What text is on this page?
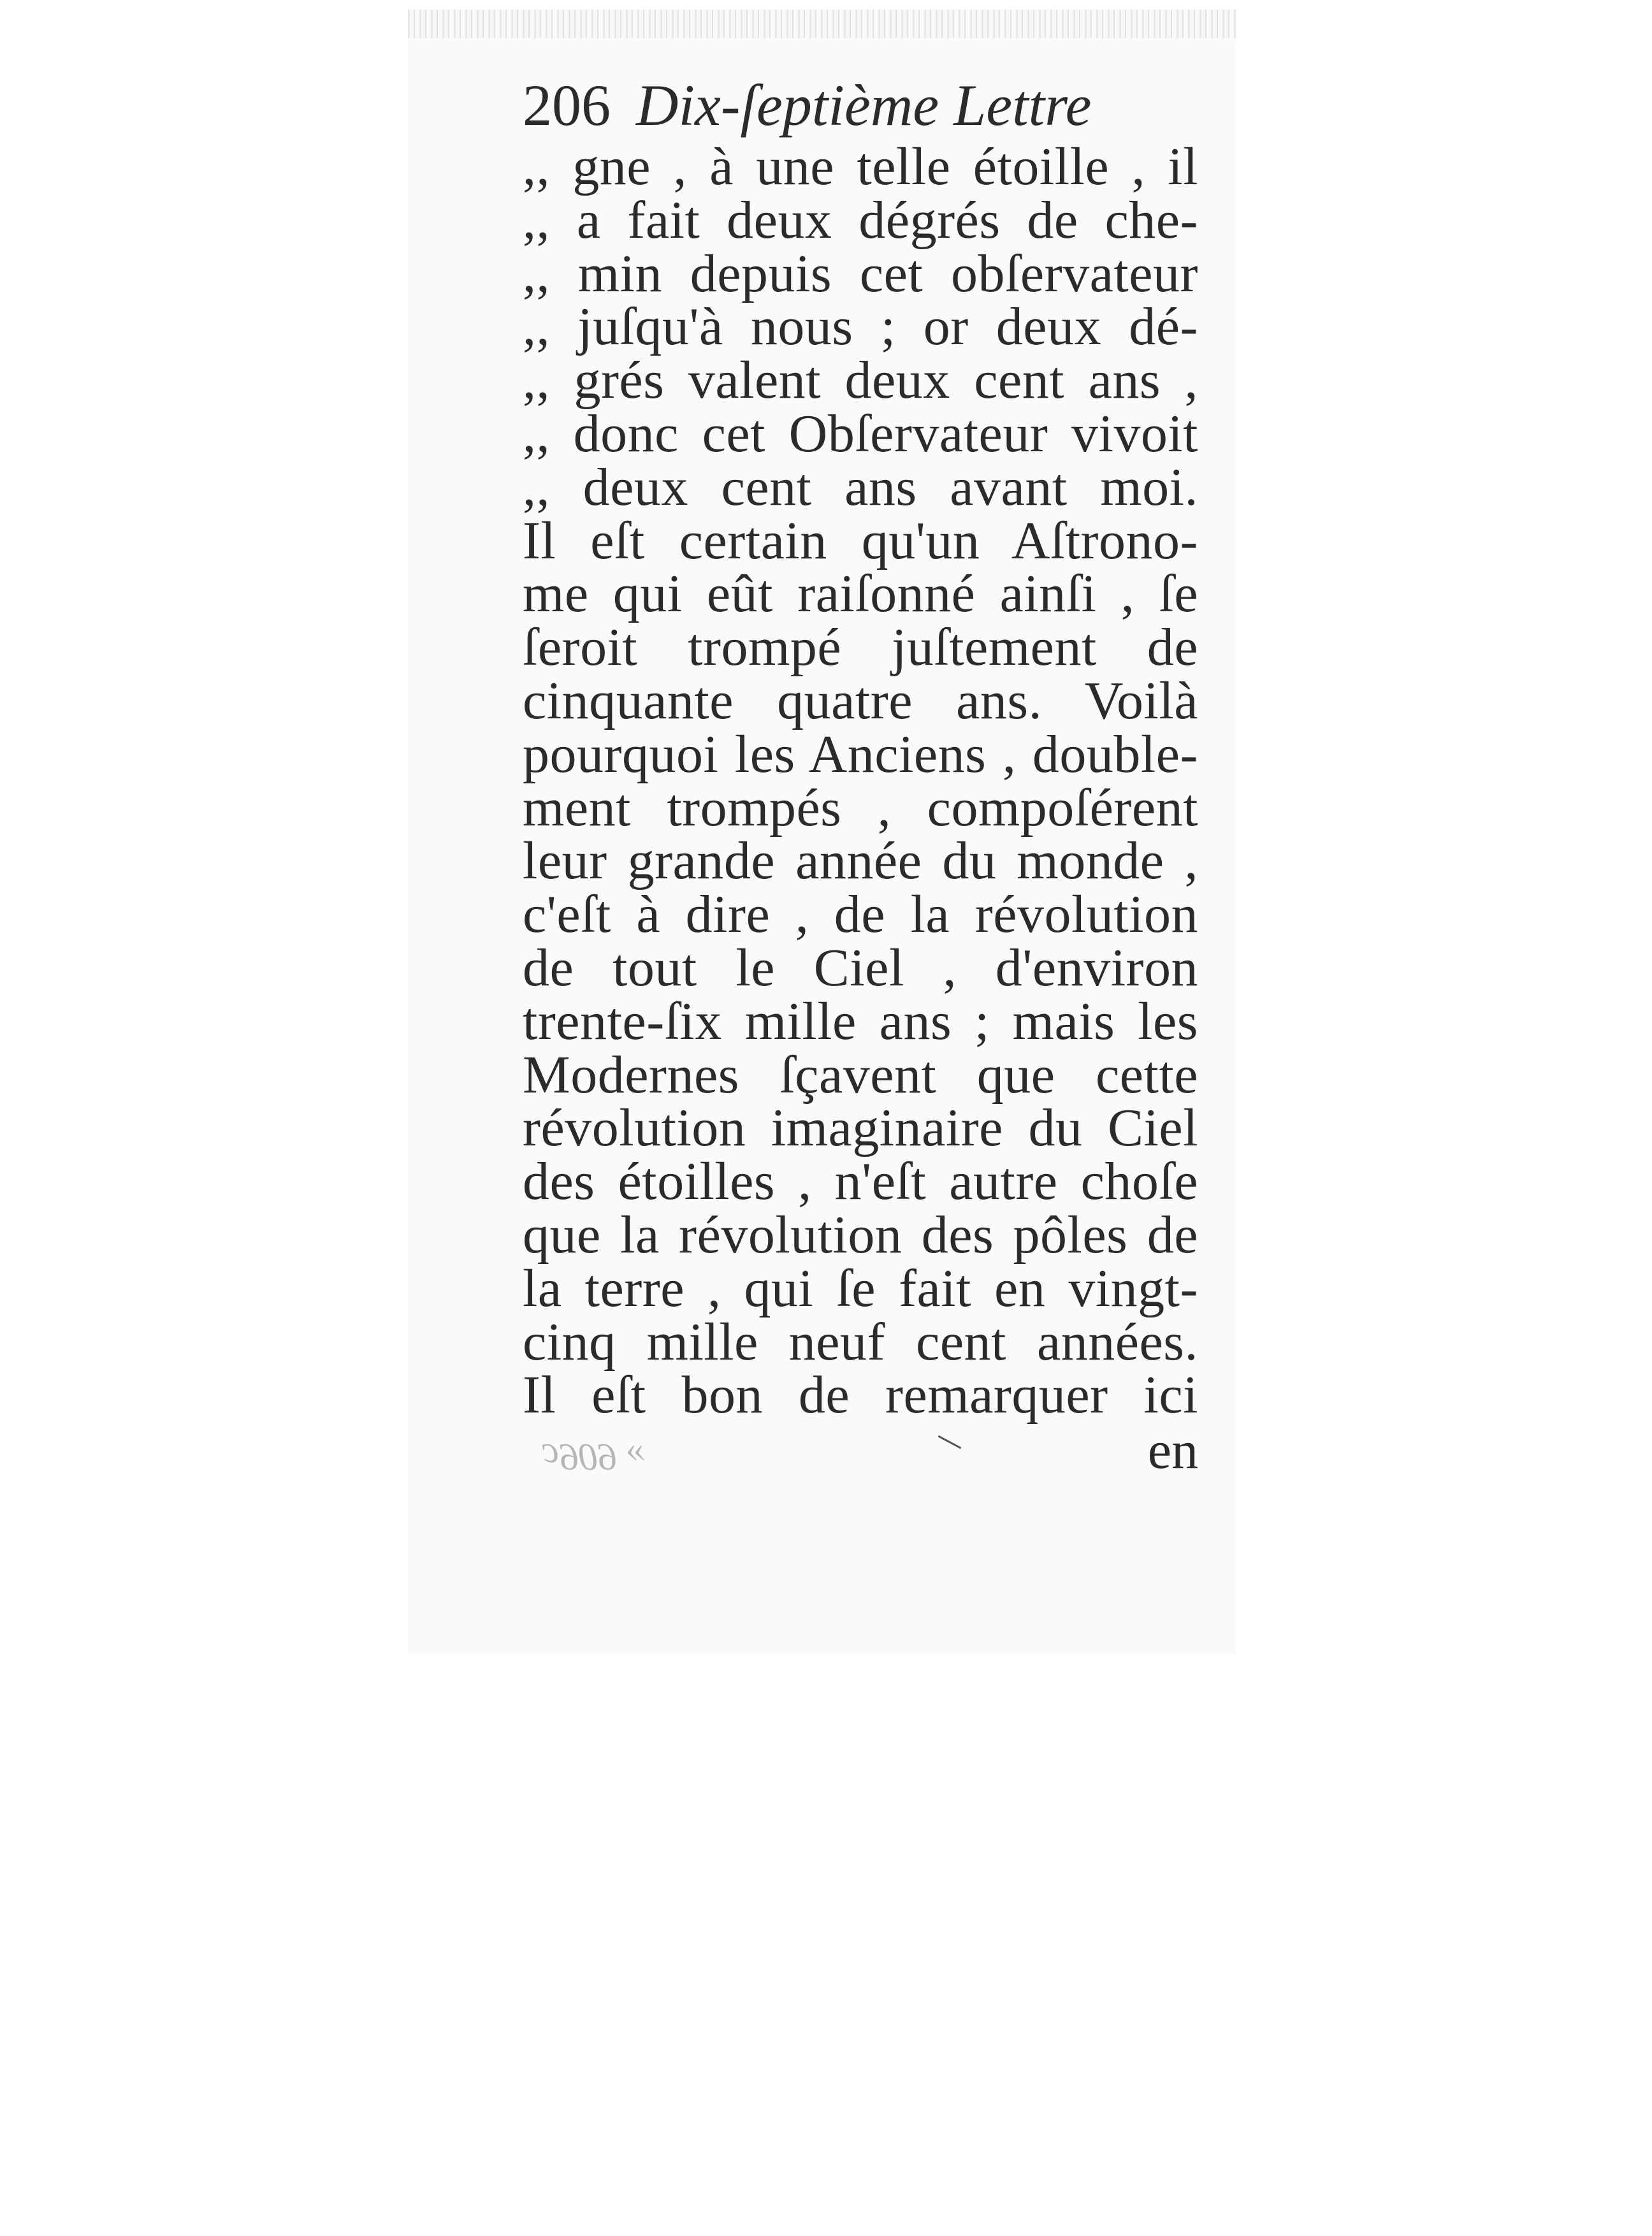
206 Dix-ſeptième Lettre
,, gne , à une telle étoille , il
,, a fait deux dégrés de che-
,, min depuis cet obſervateur
,, juſqu'à nous ; or deux dé-
,, grés valent deux cent ans ,
,, donc cet Obſervateur vivoit
,, deux cent ans avant moi.
Il eſt certain qu'un Aſtrono-
me qui eût raiſonné ainſi , ſe
ſeroit trompé juſtement de
cinquante quatre ans. Voilà
pourquoi les Anciens , double-
ment trompés , compoſérent
leur grande année du monde ,
c'eſt à dire , de la révolution
de tout le Ciel , d'environ
trente-ſix mille ans ; mais les
Modernes ſçavent que cette
révolution imaginaire du Ciel
des étoilles , n'eſt autre choſe
que la révolution des pôles de
la terre , qui ſe fait en vingt-
cinq mille neuf cent années.
Il eſt bon de remarquer ici
ɔ909 «	en
